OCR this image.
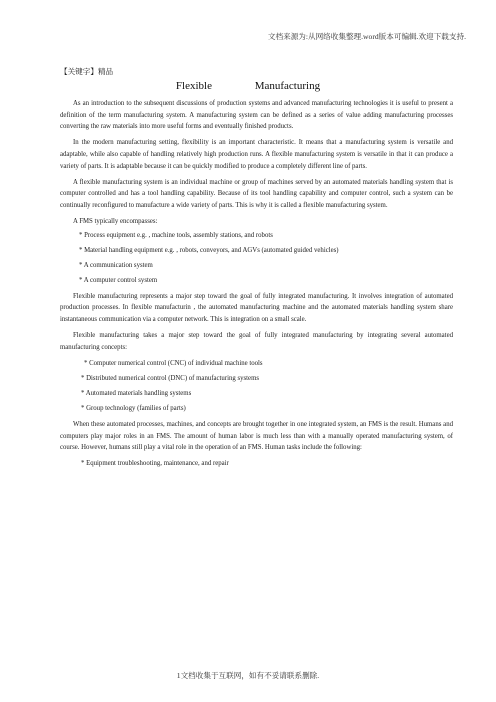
文档来源为:从网络收集整理.word版本可编辑.欢迎下载支持.
【关键字】精品
Flexible Manufacturing

As an introduction to the subsequent discussions of production systems and advanced manufacturing technologies it is useful to present a definition of the term manufacturing system. A manufacturing system can be defined as a series of value adding manufacturing processes converting the raw materials into more useful forms and eventually finished products.

In the modern manufacturing setting, flexibility is an important characteristic. It means that a manufacturing system is versatile and adaptable, while also capable of handling relatively high production runs. A flexible manufacturing system is versatile in that it can produce a variety of parts. It is adaptable because it can be quickly modified to produce a completely different line of parts.

A flexible manufacturing system is an individual machine or group of machines served by an automated materials handling system that is computer controlled and has a tool handling capability. Because of its tool handling capability and computer control, such a system can be continually reconfigured to manufacture a wide variety of parts. This is why it is called a flexible manufacturing system.

A FMS typically encompasses:

* Process equipment e.g. , machine tools, assembly stations, and robots
* Material handling equipment e.g. , robots, conveyors, and AGVs (automated guided vehicles)
* A communication system
* A computer control system

Flexible manufacturing represents a major step toward the goal of fully integrated manufacturing. It involves integration of automated production processes. In flexible manufacturin , the automated manufacturing machine and the automated materials handling system share instantaneous communication via a computer network. This is integration on a small scale.

Flexible manufacturing takes a major step toward the goal of fully integrated manufacturing by integrating several automated manufacturing concepts:

* Computer numerical control (CNC) of individual machine tools
* Distributed numerical control (DNC) of manufacturing systems
* Automated materials handling systems
* Group technology (families of parts)

When these automated processes, machines, and concepts are brought together in one integrated system, an FMS is the result. Humans and computers play major roles in an FMS. The amount of human labor is much less than with a manually operated manufacturing system, of course. However, humans still play a vital role in the operation of an FMS. Human tasks include the following:

* Equipment troubleshooting, maintenance, and repair
1文档收集于互联网，如有不妥请联系删除.
